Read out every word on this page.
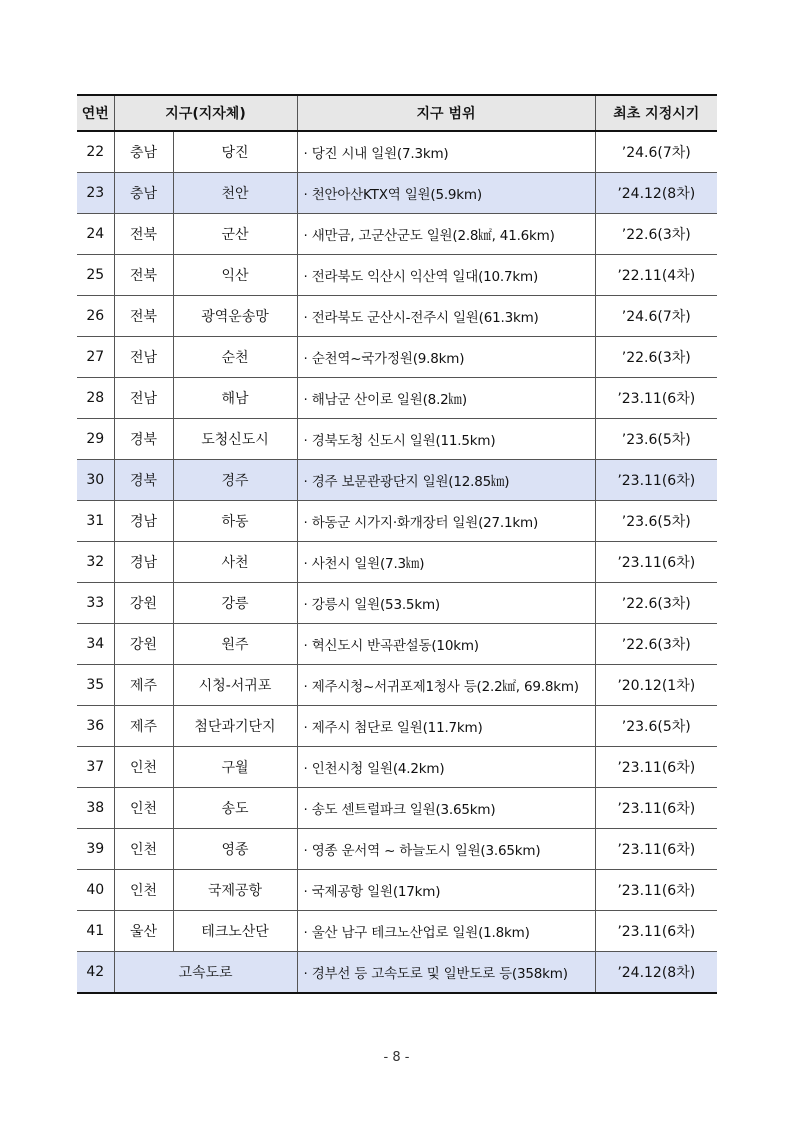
연번	지구(지자체)		지구 범위	최초 지정시기
22	충남	당진	· 당진 시내 일원(7.3km)	’24.6(7차)
23	충남	천안	· 천안아산KTX역 일원(5.9km)	’24.12(8차)
24	전북	군산	· 새만금, 고군산군도 일원(2.8㎢, 41.6km)	’22.6(3차)
25	전북	익산	· 전라북도 익산시 익산역 일대(10.7km)	’22.11(4차)
26	전북	광역운송망	· 전라북도 군산시-전주시 일원(61.3km)	’24.6(7차)
27	전남	순천	· 순천역~국가정원(9.8km)	’22.6(3차)
28	전남	해남	· 해남군 산이로 일원(8.2㎞)	’23.11(6차)
29	경북	도청신도시	· 경북도청 신도시 일원(11.5km)	’23.6(5차)
30	경북	경주	· 경주 보문관광단지 일원(12.85㎞)	’23.11(6차)
31	경남	하동	· 하동군 시가지·화개장터 일원(27.1km)	’23.6(5차)
32	경남	사천	· 사천시 일원(7.3㎞)	’23.11(6차)
33	강원	강릉	· 강릉시 일원(53.5km)	’22.6(3차)
34	강원	원주	· 혁신도시 반곡관설동(10km)	’22.6(3차)
35	제주	시청-서귀포	· 제주시청~서귀포제1청사 등(2.2㎢, 69.8km)	’20.12(1차)
36	제주	첨단과기단지	· 제주시 첨단로 일원(11.7km)	’23.6(5차)
37	인천	구월	· 인천시청 일원(4.2km)	’23.11(6차)
38	인천	송도	· 송도 센트럴파크 일원(3.65km)	’23.11(6차)
39	인천	영종	· 영종 운서역 ~ 하늘도시 일원(3.65km)	’23.11(6차)
40	인천	국제공항	· 국제공항 일원(17km)	’23.11(6차)
41	울산	테크노산단	· 울산 남구 테크노산업로 일원(1.8km)	’23.11(6차)
42	고속도로		· 경부선 등 고속도로 및 일반도로 등(358km)	’24.12(8차)
- 8 -
